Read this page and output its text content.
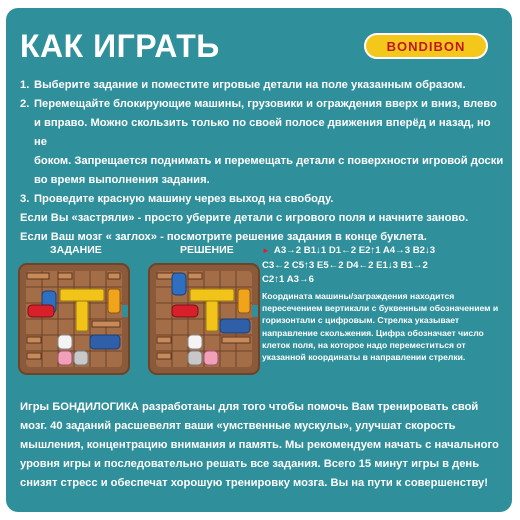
КАК ИГРАТЬ	BONDIBON

1. Выберите задание и поместите игровые детали на поле указанным образом.

2. Перемещайте блокирующие машины, грузовики и ограждения вверх и вниз, влево
и вправо. Можно скользить только по своей полосе движения вперёд и назад, но не
боком. Запрещается поднимать и перемещать детали с поверхности игровой доски
во время выполнения задания.

3. Проведите красную машину через выход на свободу.

Если Вы «застряли» - просто уберите детали с игрового поля и начните заново.

Если Ваш мозг « заглох» - посмотрите решение задания в конце буклета.

ЗАДАНИЕ	РЕШЕНИЕ	► A3→2 B1↓1 D1←2 E2↑1 A4→3 B2↓3
C3←2 C5↑3 E5←2 D4←2 E1↓3 B1→2
C2↑1 A3→6

Координата машины/заграждения находится пересечением вертикали с буквенным обозначением и горизонтали с цифровым. Стрелка указывает направление скольжения. Цифра обозначает число клеток поля, на которое надо переместиться от указанной координаты в направлении стрелки.

Игры БОНДИЛОГИКА разработаны для того чтобы помочь Вам тренировать свой мозг. 40 заданий расшевелят ваши «умственные мускулы», улучшат скорость мышления, концентрацию внимания и память. Мы рекомендуем начать с начального уровня игры и последовательно решать все задания. Всего 15 минут игры в день снизят стресс и обеспечат хорошую тренировку мозга. Вы на пути к совершенству!
